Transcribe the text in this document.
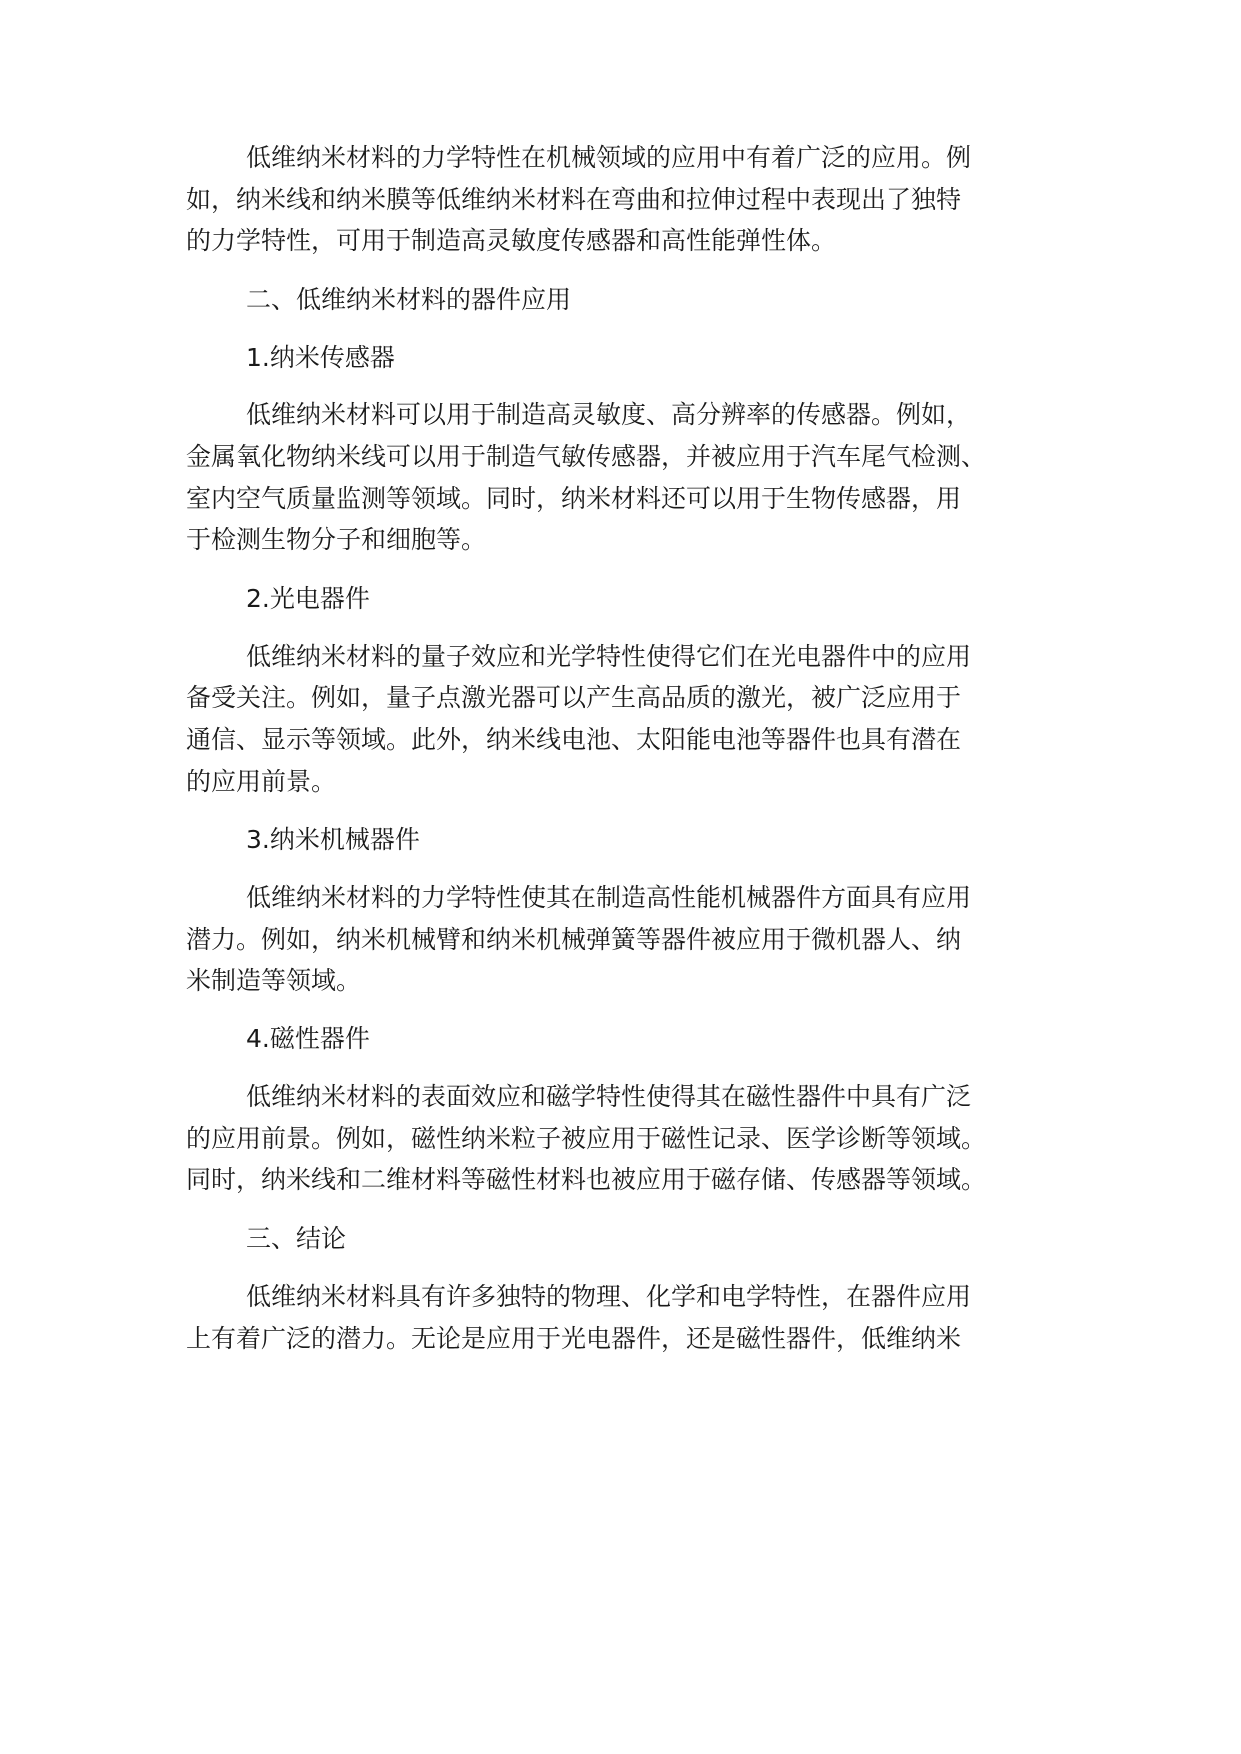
低维纳米材料的力学特性在机械领域的应用中有着广泛的应用。例
如，纳米线和纳米膜等低维纳米材料在弯曲和拉伸过程中表现出了独特
的力学特性，可用于制造高灵敏度传感器和高性能弹性体。
二、低维纳米材料的器件应用
1.纳米传感器
低维纳米材料可以用于制造高灵敏度、高分辨率的传感器。例如，
金属氧化物纳米线可以用于制造气敏传感器，并被应用于汽车尾气检测、
室内空气质量监测等领域。同时，纳米材料还可以用于生物传感器，用
于检测生物分子和细胞等。
2.光电器件
低维纳米材料的量子效应和光学特性使得它们在光电器件中的应用
备受关注。例如，量子点激光器可以产生高品质的激光，被广泛应用于
通信、显示等领域。此外，纳米线电池、太阳能电池等器件也具有潜在
的应用前景。
3.纳米机械器件
低维纳米材料的力学特性使其在制造高性能机械器件方面具有应用
潜力。例如，纳米机械臂和纳米机械弹簧等器件被应用于微机器人、纳
米制造等领域。
4.磁性器件
低维纳米材料的表面效应和磁学特性使得其在磁性器件中具有广泛
的应用前景。例如，磁性纳米粒子被应用于磁性记录、医学诊断等领域。
同时，纳米线和二维材料等磁性材料也被应用于磁存储、传感器等领域。
三、结论
低维纳米材料具有许多独特的物理、化学和电学特性，在器件应用
上有着广泛的潜力。无论是应用于光电器件，还是磁性器件，低维纳米
